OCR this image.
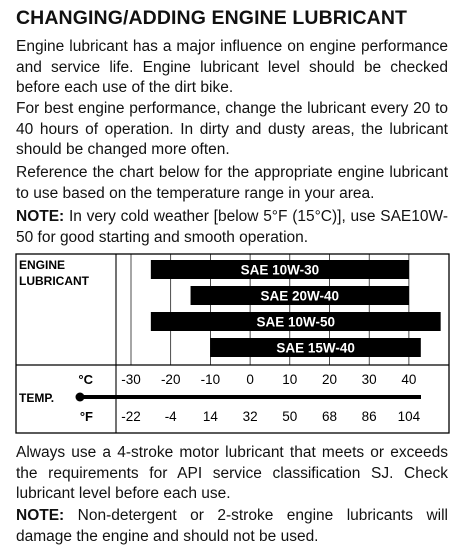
CHANGING/ADDING ENGINE LUBRICANT

Engine lubricant has a major influence on engine performance and service life. Engine lubricant level should be checked before each use of the dirt bike.

For best engine performance, change the lubricant every 20 to 40 hours of operation. In dirty and dusty areas, the lubricant should be changed more often.

Reference the chart below for the appropriate engine lubricant to use based on the temperature range in your area.

NOTE: In very cold weather [below 5°F (15°C)], use SAE10W-50 for good starting and smooth operation.

ENGINE
LUBRICANT
TEMP.
SAE 10W-30
SAE 20W-40
SAE 10W-50
SAE 15W-40
°C
°F
-30 -20 -10 0 10 20 30 40
-22 -4 14 32 50 68 86 104

Always use a 4-stroke motor lubricant that meets or exceeds the requirements for API service classification SJ. Check lubricant level before each use.

NOTE: Non-detergent or 2-stroke engine lubricants will damage the engine and should not be used.
